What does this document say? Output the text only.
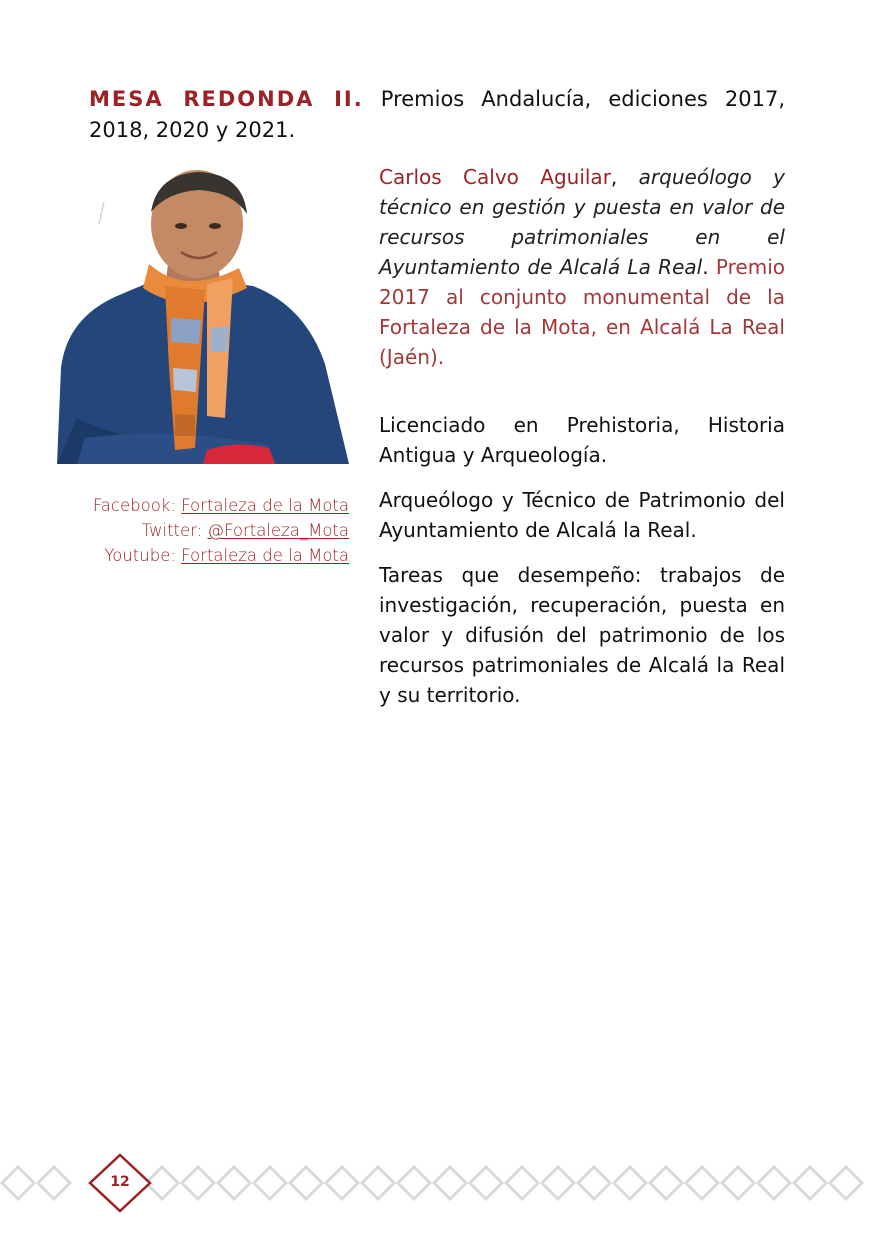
MESA REDONDA II. Premios Andalucía, ediciones 2017, 2018, 2020 y 2021.

Facebook: Fortaleza de la Mota
Twitter: @Fortaleza_Mota
Youtube: Fortaleza de la Mota

Carlos Calvo Aguilar, arqueólogo y técnico en gestión y puesta en valor de recursos patrimoniales en el Ayuntamiento de Alcalá La Real. Premio 2017 al conjunto monumental de la Fortaleza de la Mota, en Alcalá La Real (Jaén).

Licenciado en Prehistoria, Historia Antigua y Arqueología.

Arqueólogo y Técnico de Patrimonio del Ayuntamiento de Alcalá la Real.

Tareas que desempeño: trabajos de investigación, recuperación, puesta en valor y difusión del patrimonio de los recursos patrimoniales de Alcalá la Real y su territorio.

12
